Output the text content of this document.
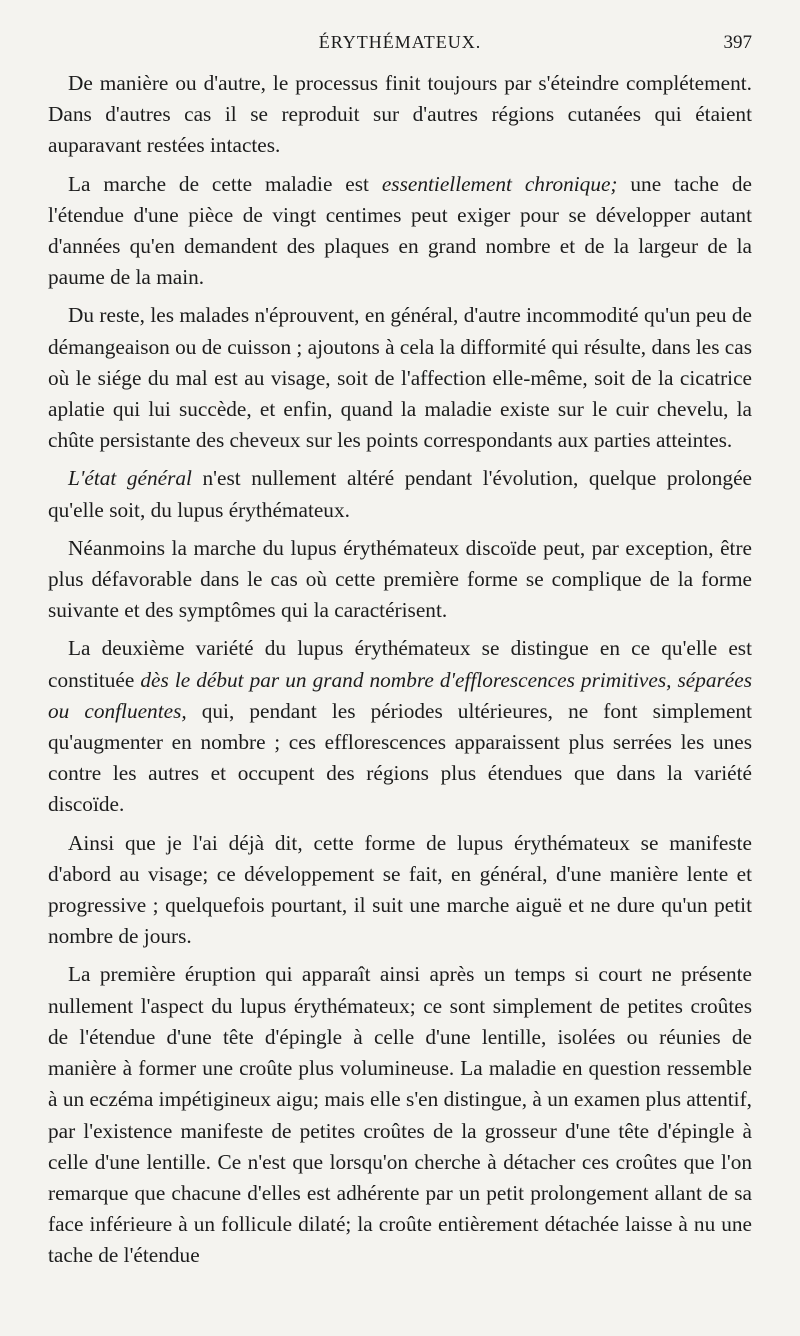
ÉRYTHÉMATEUX.	397

De manière ou d'autre, le processus finit toujours par s'éteindre complétement. Dans d'autres cas il se reproduit sur d'autres régions cutanées qui étaient auparavant restées intactes.

La marche de cette maladie est essentiellement chronique; une tache de l'étendue d'une pièce de vingt centimes peut exiger pour se développer autant d'années qu'en demandent des plaques en grand nombre et de la largeur de la paume de la main.

Du reste, les malades n'éprouvent, en général, d'autre incommodité qu'un peu de démangeaison ou de cuisson ; ajoutons à cela la difformité qui résulte, dans les cas où le siége du mal est au visage, soit de l'affection elle-même, soit de la cicatrice aplatie qui lui succède, et enfin, quand la maladie existe sur le cuir chevelu, la chûte persistante des cheveux sur les points correspondants aux parties atteintes.

L'état général n'est nullement altéré pendant l'évolution, quelque prolongée qu'elle soit, du lupus érythémateux.

Néanmoins la marche du lupus érythémateux discoïde peut, par exception, être plus défavorable dans le cas où cette première forme se complique de la forme suivante et des symptômes qui la caractérisent.

La deuxième variété du lupus érythémateux se distingue en ce qu'elle est constituée dès le début par un grand nombre d'efflorescences primitives, séparées ou confluentes, qui, pendant les périodes ultérieures, ne font simplement qu'augmenter en nombre ; ces efflorescences apparaissent plus serrées les unes contre les autres et occupent des régions plus étendues que dans la variété discoïde.

Ainsi que je l'ai déjà dit, cette forme de lupus érythémateux se manifeste d'abord au visage; ce développement se fait, en général, d'une manière lente et progressive ; quelquefois pourtant, il suit une marche aiguë et ne dure qu'un petit nombre de jours.

La première éruption qui apparaît ainsi après un temps si court ne présente nullement l'aspect du lupus érythémateux; ce sont simplement de petites croûtes de l'étendue d'une tête d'épingle à celle d'une lentille, isolées ou réunies de manière à former une croûte plus volumineuse. La maladie en question ressemble à un eczéma impétigineux aigu; mais elle s'en distingue, à un examen plus attentif, par l'existence manifeste de petites croûtes de la grosseur d'une tête d'épingle à celle d'une lentille. Ce n'est que lorsqu'on cherche à détacher ces croûtes que l'on remarque que chacune d'elles est adhérente par un petit prolongement allant de sa face inférieure à un follicule dilaté; la croûte entièrement détachée laisse à nu une tache de l'étendue
